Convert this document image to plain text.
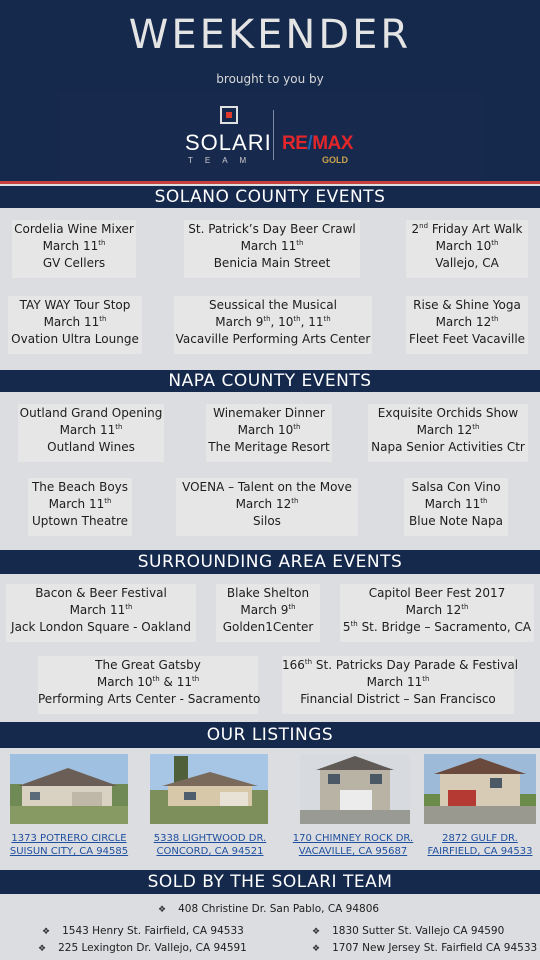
WEEKENDER
brought to you by
SOLARI
TEAM
RE/MAX
GOLD
SOLANO COUNTY EVENTS
Cordelia Wine Mixer
March 11th
GV Cellers
St. Patrick’s Day Beer Crawl
March 11th
Benicia Main Street
2nd Friday Art Walk
March 10th
Vallejo, CA
TAY WAY Tour Stop
March 11th
Ovation Ultra Lounge
Seussical the Musical
March 9th, 10th, 11th
Vacaville Performing Arts Center
Rise & Shine Yoga
March 12th
Fleet Feet Vacaville
NAPA COUNTY EVENTS
Outland Grand Opening
March 11th
Outland Wines
Winemaker Dinner
March 10th
The Meritage Resort
Exquisite Orchids Show
March 12th
Napa Senior Activities Ctr
The Beach Boys
March 11th
Uptown Theatre
VOENA – Talent on the Move
March 12th
Silos
Salsa Con Vino
March 11th
Blue Note Napa
SURROUNDING AREA EVENTS
Bacon & Beer Festival
March 11th
Jack London Square - Oakland
Blake Shelton
March 9th
Golden1Center
Capitol Beer Fest 2017
March 12th
5th St. Bridge – Sacramento, CA
The Great Gatsby
March 10th & 11th
Performing Arts Center - Sacramento
166th St. Patricks Day Parade & Festival
March 11th
Financial District – San Francisco
OUR LISTINGS
1373 POTRERO CIRCLE
SUISUN CITY, CA 94585
5338 LIGHTWOOD DR.
CONCORD, CA 94521
170 CHIMNEY ROCK DR.
VACAVILLE, CA 95687
2872 GULF DR.
FAIRFIELD, CA 94533
SOLD BY THE SOLARI TEAM
❖ 408 Christine Dr. San Pablo, CA 94806
❖ 1543 Henry St. Fairfield, CA 94533	❖ 1830 Sutter St. Vallejo CA 94590
❖ 225 Lexington Dr. Vallejo, CA 94591	❖ 1707 New Jersey St. Fairfield CA 94533
